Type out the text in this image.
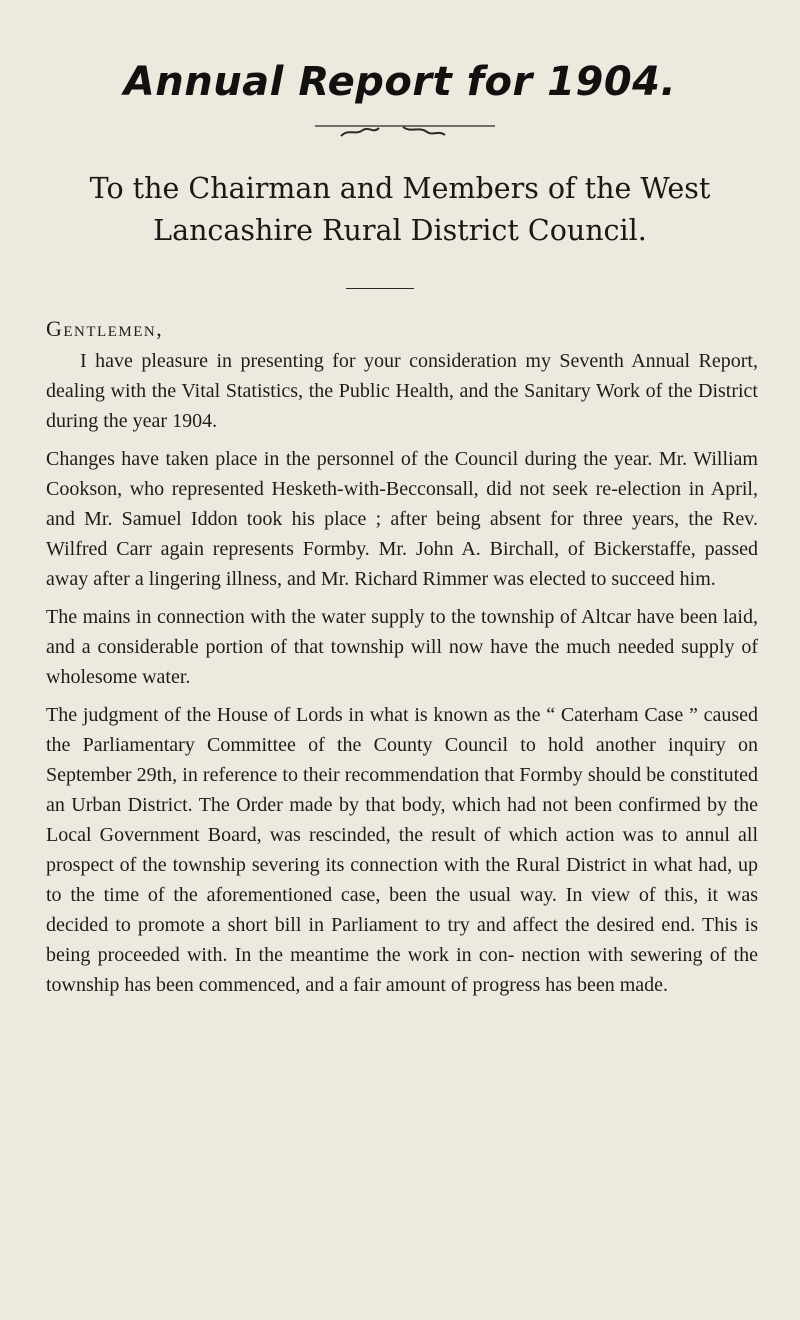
Annual Report for 1904.
To the Chairman and Members of the West
Lancashire Rural District Council.
Gentlemen,

I have pleasure in presenting for your consideration my Seventh Annual Report, dealing with the Vital Statistics, the Public Health, and the Sanitary Work of the District during the year 1904.

Changes have taken place in the personnel of the Council during the year. Mr. William Cookson, who represented Hesketh-with-Becconsall, did not seek re-election in April, and Mr. Samuel Iddon took his place ; after being absent for three years, the Rev. Wilfred Carr again represents Formby. Mr. John A. Birchall, of Bickerstaffe, passed away after a lingering illness, and Mr. Richard Rimmer was elected to succeed him.

The mains in connection with the water supply to the township of Altcar have been laid, and a considerable portion of that township will now have the much needed supply of wholesome water.

The judgment of the House of Lords in what is known as the “ Caterham Case ” caused the Parliamentary Committee of the County Council to hold another inquiry on September 29th, in reference to their recommendation that Formby should be constituted an Urban District. The Order made by that body, which had not been confirmed by the Local Government Board, was rescinded, the result of which action was to annul all prospect of the township severing its connection with the Rural District in what had, up to the time of the aforementioned case, been the usual way. In view of this, it was decided to promote a short bill in Parliament to try and affect the desired end. This is being proceeded with. In the meantime the work in con- nection with sewering of the township has been commenced, and a fair amount of progress has been made.
